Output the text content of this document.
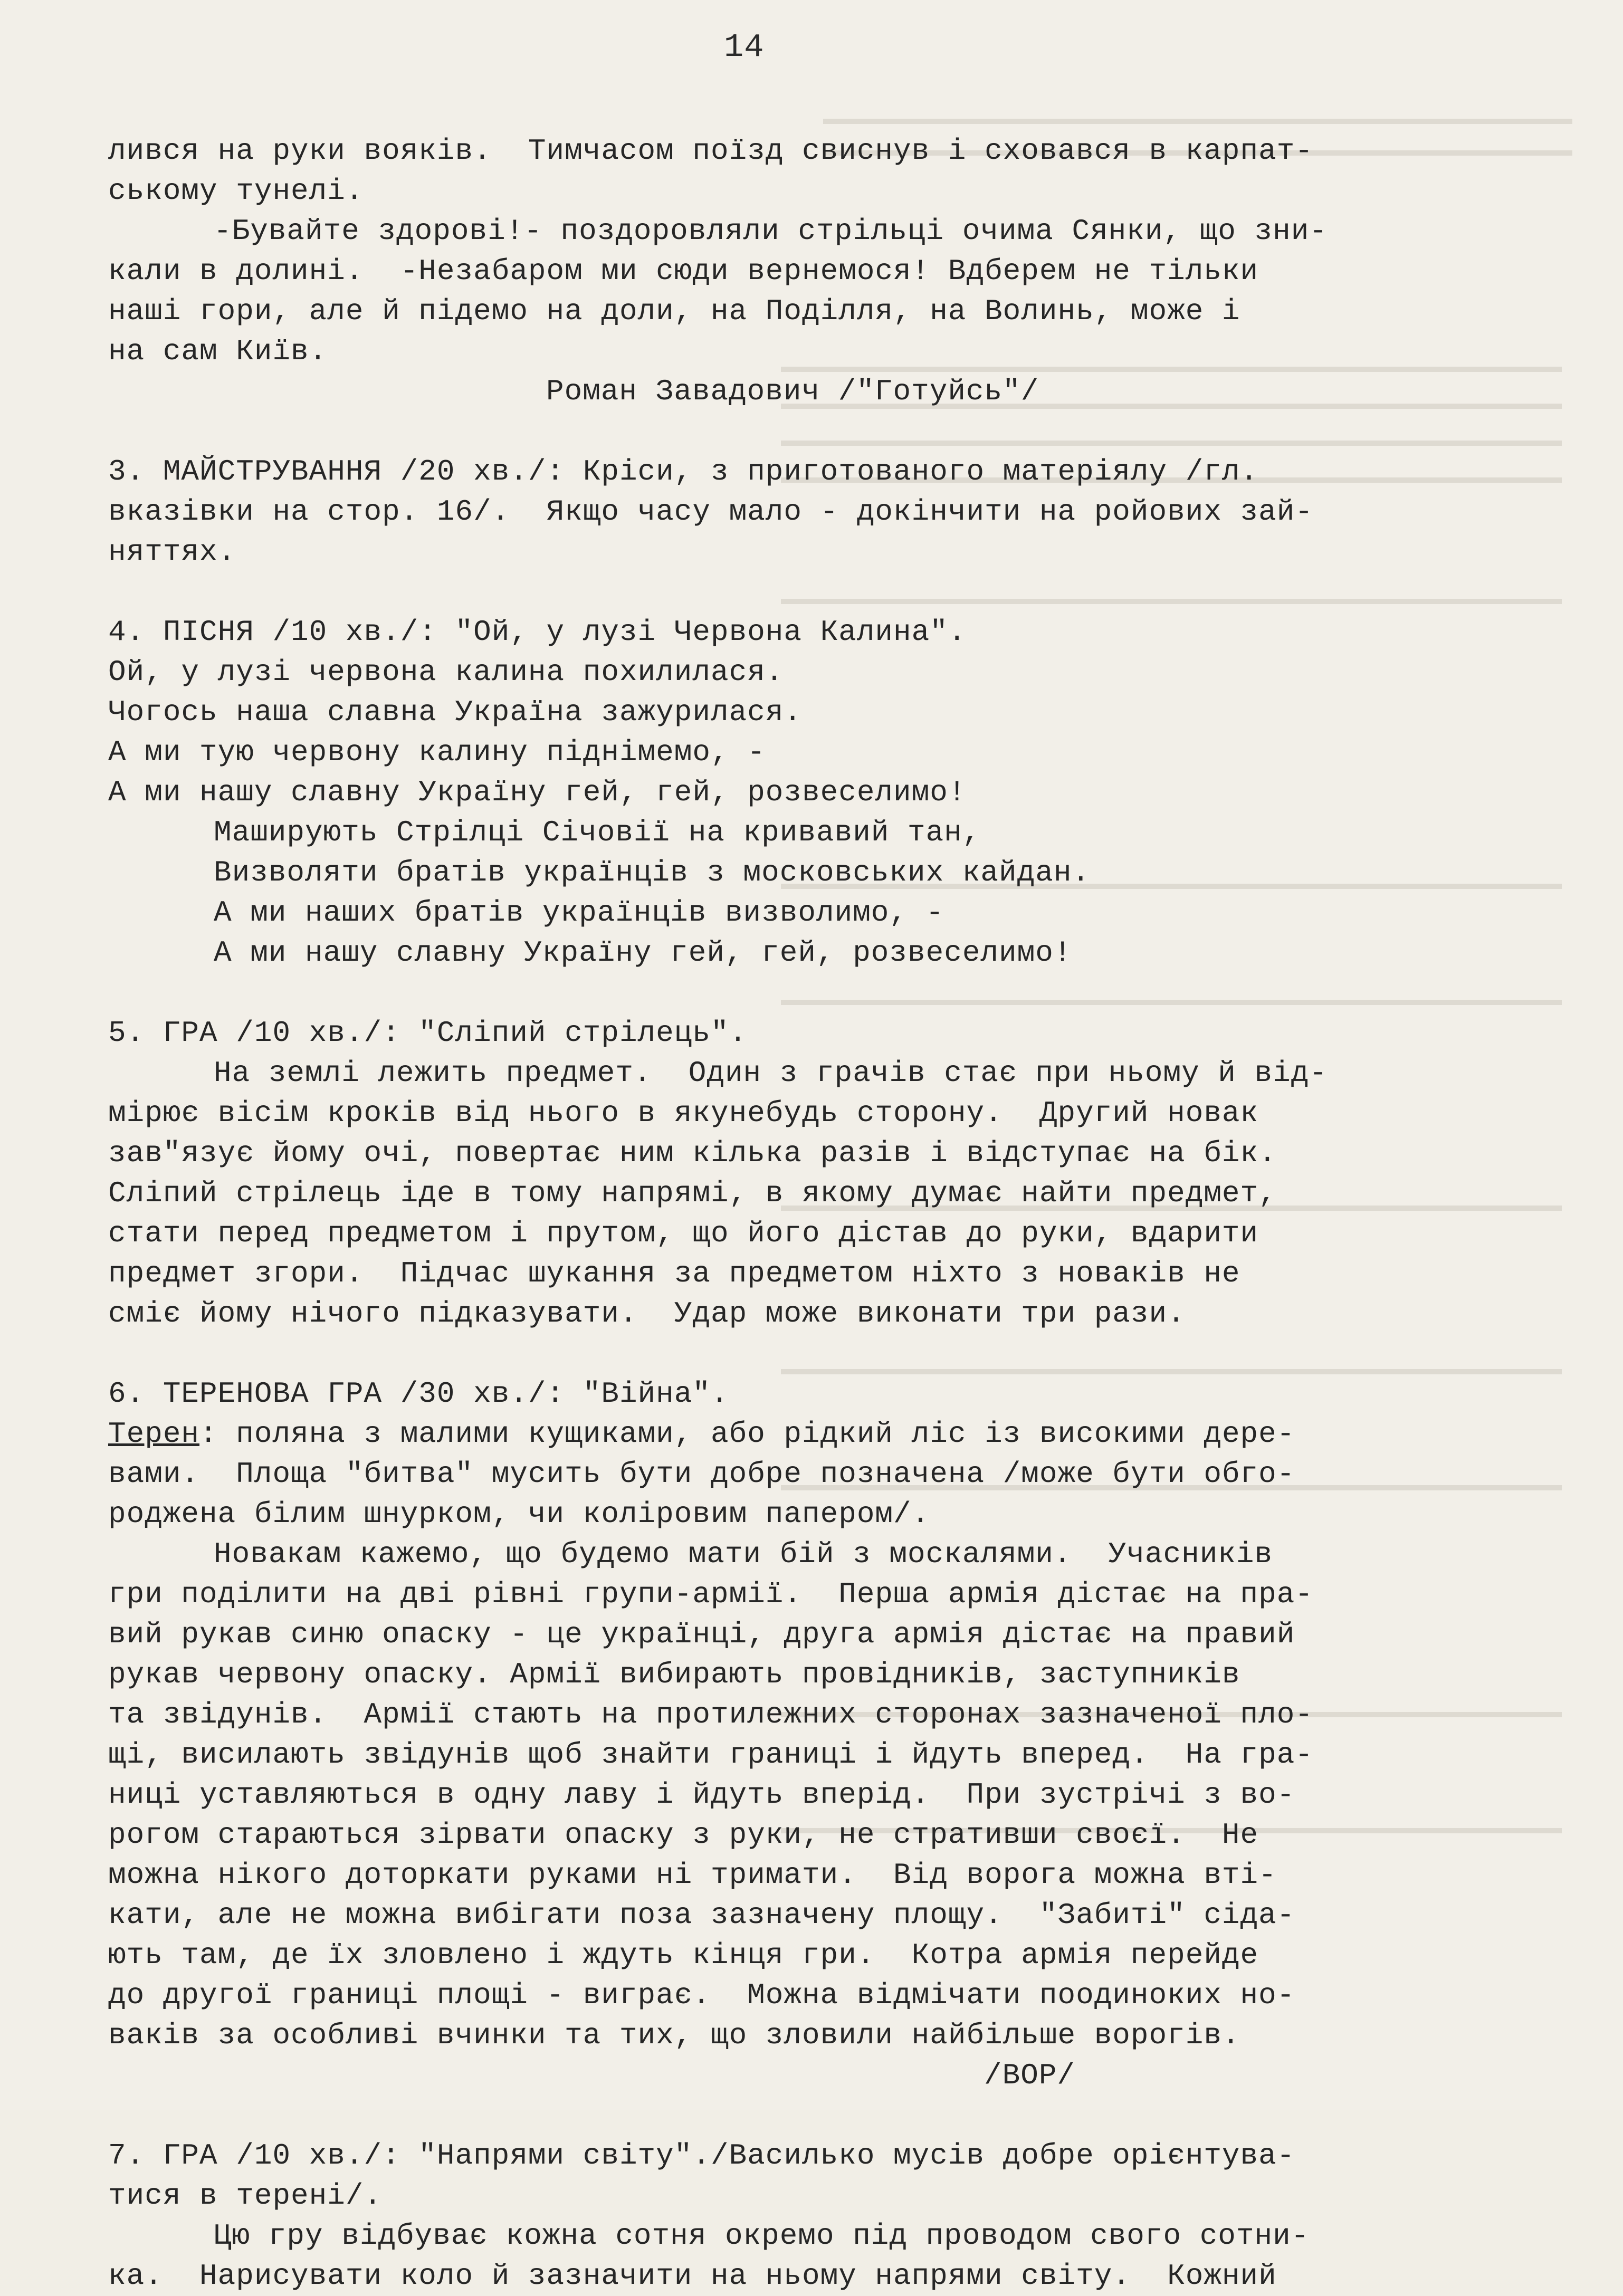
14
лився на руки вояків.  Тимчасом поїзд свиснув і сховався в карпат-
ському тунелі.
-Бувайте здорові!- поздоровляли стрільці очима Сянки, що зни-
кали в долині.  -Незабаром ми сюди вернемося! Вдберем не тільки
наші гори, але й підемо на доли, на Поділля, на Волинь, може і
на сам Київ.
Роман Завадович /"Готуйсь"/
3. МАЙСТРУВАННЯ /20 хв./: Кріси, з приготованого матеріялу /гл.
вказівки на стор. 16/.  Якщо часу мало - докінчити на ройових зай-
няттях.
4. ПІСНЯ /10 хв./: "Ой, у лузі Червона Калина".
Ой, у лузі червона калина похилилася.
Чогось наша славна Україна зажурилася.
А ми тую червону калину піднімемо, -
А ми нашу славну Україну гей, гей, розвеселимо!
Маширують Стрілці Січовії на кривавий тан,
Визволяти братів українців з московських кайдан.
А ми наших братів українців визволимо, -
А ми нашу славну Україну гей, гей, розвеселимо!
5. ГРА /10 хв./: "Сліпий стрілець".
На землі лежить предмет.  Один з грачів стає при ньому й від-
мірює вісім кроків від нього в якунебудь сторону.  Другий новак
зав"язує йому очі, повертає ним кілька разів і відступає на бік.
Сліпий стрілець іде в тому напрямі, в якому думає найти предмет,
стати перед предметом і прутом, що його дістав до руки, вдарити
предмет згори.  Підчас шукання за предметом ніхто з новаків не
сміє йому нічого підказувати.  Удар може виконати три рази.
6. ТЕРЕНОВА ГРА /30 хв./: "Війна".
Терен: поляна з малими кущиками, або рідкий ліс із високими дере-
вами.  Площа "битва" мусить бути добре позначена /може бути обго-
роджена білим шнурком, чи коліровим папером/.
Новакам кажемо, що будемо мати бій з москалями.  Учасників
гри поділити на дві рівні групи-армії.  Перша армія дістає на пра-
вий рукав синю опаску - це українці, друга армія дістає на правий
рукав червону опаску. Армії вибирають провідників, заступників
та звідунів.  Армії стають на протилежних сторонах зазначеної пло-
щі, висилають звідунів щоб знайти границі і йдуть вперед.  На гра-
ниці уставляються в одну лаву і йдуть вперід.  При зустрічі з во-
рогом стараються зірвати опаску з руки, не стративши своєї.  Не
можна нікого доторкати руками ні тримати.  Від ворога можна вті-
кати, але не можна вибігати поза зазначену площу.  "Забиті" сіда-
ють там, де їх зловлено і ждуть кінця гри.  Котра армія перейде
до другої границі площі - виграє.  Можна відмічати поодиноких но-
ваків за особливі вчинки та тих, що зловили найбільше ворогів.
/ВОР/
7. ГРА /10 хв./: "Напрями світу"./Василько мусів добре орієнтува-
тися в терені/.
Цю гру відбуває кожна сотня окремо під проводом свого сотни-
ка.  Нарисувати коло й зазначити на ньому напрями світу.  Кожний
